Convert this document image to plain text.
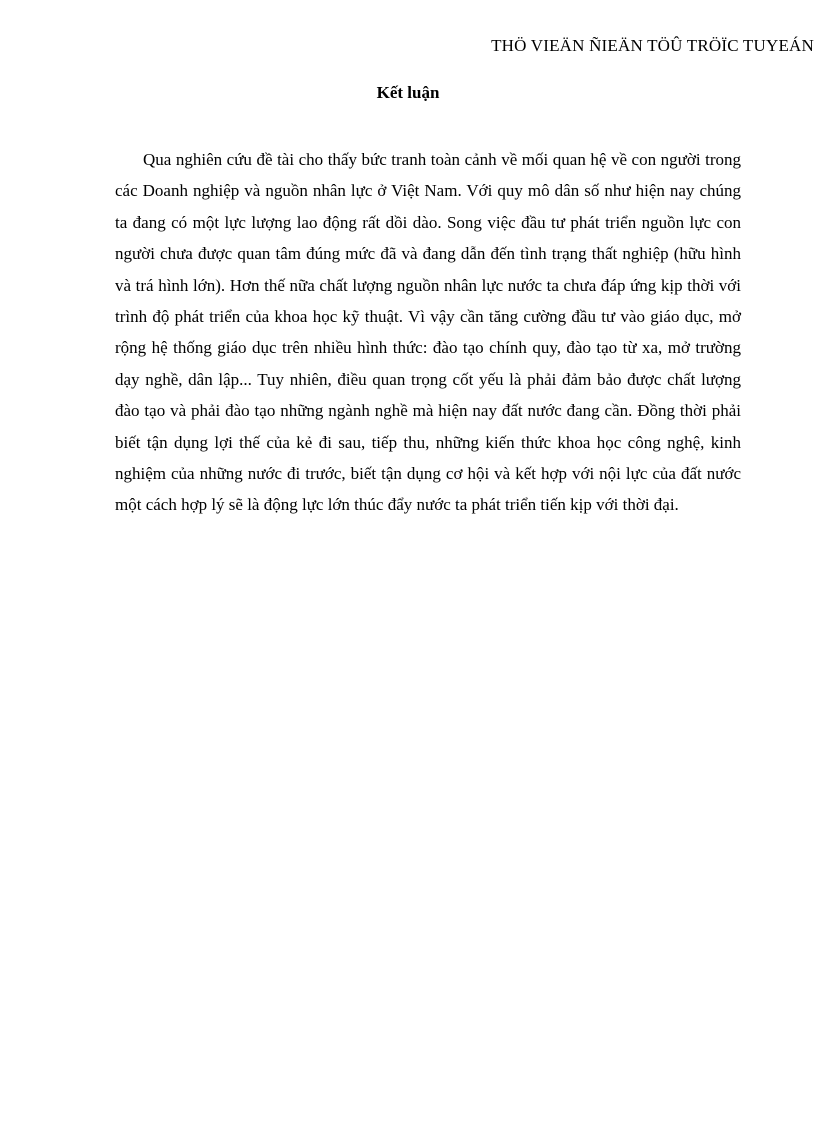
THÖ VIEÄN ÑIEÄN TÖÛ TRÖÏC TUYEÁN
Kết luận

Qua nghiên cứu đề tài cho thấy bức tranh toàn cảnh về mối quan hệ về con người trong các Doanh nghiệp và nguồn nhân lực ở Việt Nam. Với quy mô dân số như hiện nay chúng ta đang có một lực lượng lao động rất dồi dào. Song việc đầu tư phát triển nguồn lực con người chưa được quan tâm đúng mức đã và đang dẫn đến tình trạng thất nghiệp (hữu hình và trá hình lớn). Hơn thế nữa chất lượng nguồn nhân lực nước ta chưa đáp ứng kịp thời với trình độ phát triển của khoa học kỹ thuật. Vì vậy cần tăng cường đầu tư vào giáo dục, mở rộng hệ thống giáo dục trên nhiều hình thức: đào tạo chính quy, đào tạo từ xa, mở trường dạy nghề, dân lập... Tuy nhiên, điều quan trọng cốt yếu là phải đảm bảo được chất lượng đào tạo và phải đào tạo những ngành nghề mà hiện nay đất nước đang cần. Đồng thời phải biết tận dụng lợi thế của kẻ đi sau, tiếp thu, những kiến thức khoa học công nghệ, kinh nghiệm của những nước đi trước, biết tận dụng cơ hội và kết hợp với nội lực của đất nước một cách hợp lý sẽ là động lực lớn thúc đẩy nước ta phát triển tiến kịp với thời đại.
